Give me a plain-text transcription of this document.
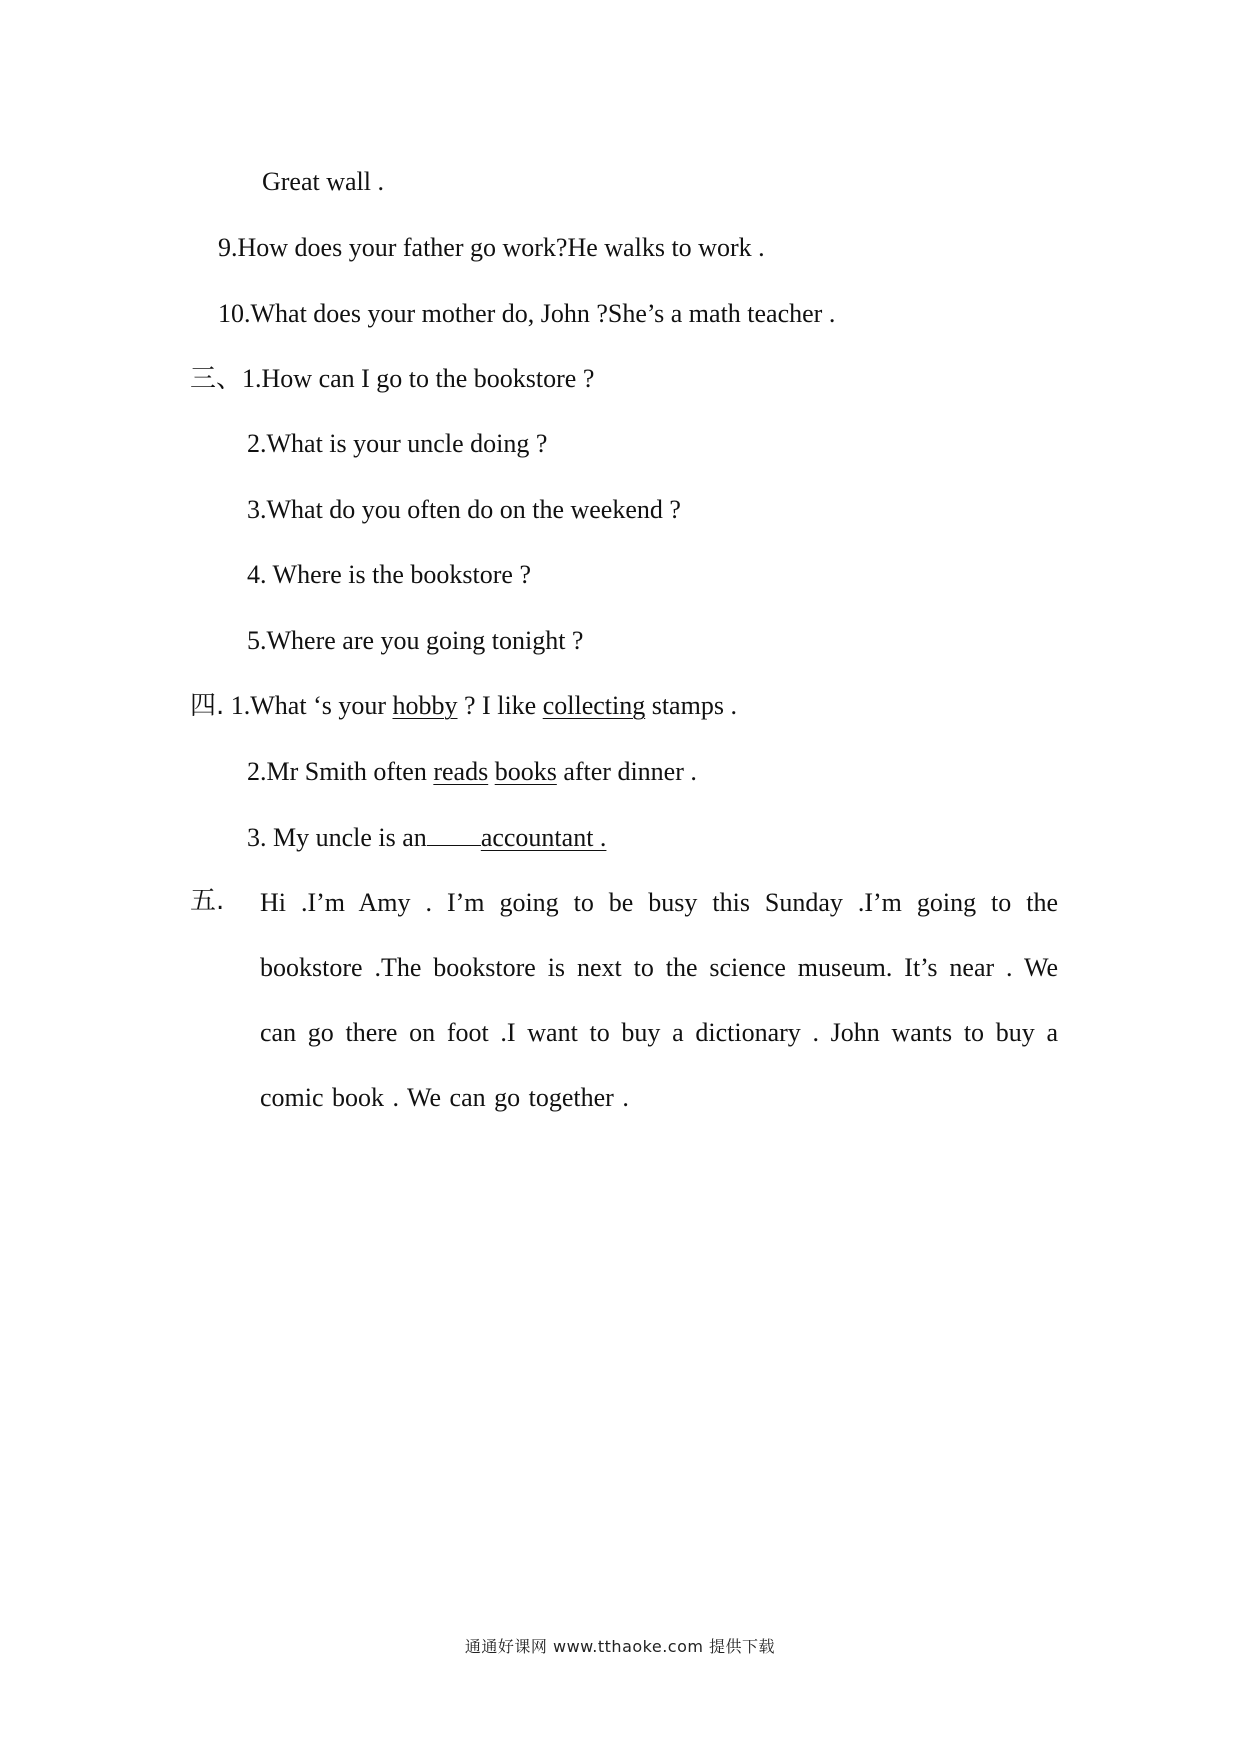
Great wall .
9.How does your father go work?He walks to work .
10.What does your mother do, John ?She’s a math teacher .
三、1.How can I go to the bookstore ?
2.What is your uncle doing ?
3.What do you often do on the weekend ?
4. Where is the bookstore ?
5.Where are you going tonight ?
四. 1.What ‘s your hobby ? I like collecting stamps .
2.Mr Smith often reads books after dinner .
3. My uncle is an accountant .
五. Hi .I’m Amy . I’m going to be busy this Sunday .I’m going to the bookstore .The bookstore is next to the science museum. It’s near . We can go there on foot .I want to buy a dictionary . John wants to buy a comic book . We can go together .
通通好课网 www.tthaoke.com 提供下载
